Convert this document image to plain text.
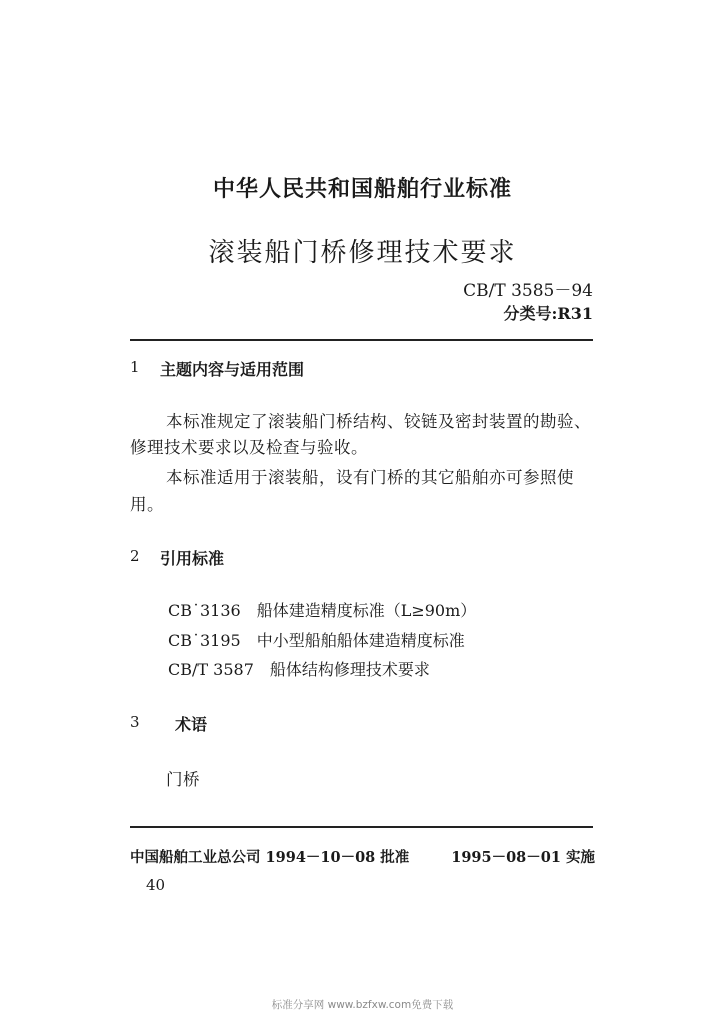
中华人民共和国船舶行业标准
滚装船门桥修理技术要求
CB/T 3585－94
分类号:R31
1 主题内容与适用范围
本标准规定了滚装船门桥结构、铰链及密封装置的勘验、
修理技术要求以及检查与验收。
本标准适用于滚装船，设有门桥的其它船舶亦可参照使
用。
2 引用标准
CB˙3136　船体建造精度标准（L≥90m）
CB˙3195　中小型船舶船体建造精度标准
CB/T 3587　船体结构修理技术要求
3 术语
门桥
中国船舶工业总公司 1994－10－08 批准	1995－08－01 实施
40
标准分享网 www.bzfxw.com免费下载
